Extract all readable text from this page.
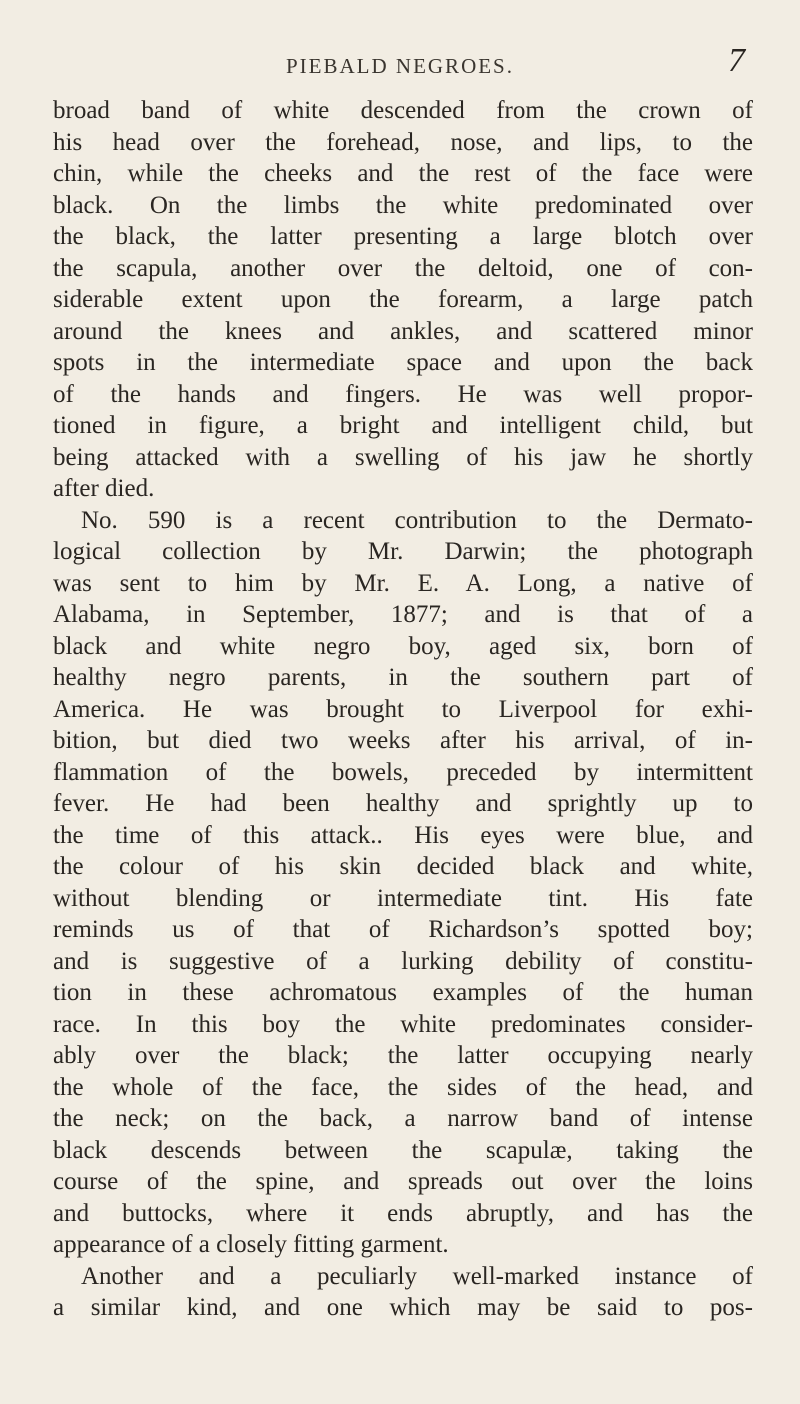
PIEBALD NEGROES.	7
broad band of white descended from the crown of
his head over the forehead, nose, and lips, to the
chin, while the cheeks and the rest of the face were
black. On the limbs the white predominated over
the black, the latter presenting a large blotch over
the scapula, another over the deltoid, one of con-
siderable extent upon the forearm, a large patch
around the knees and ankles, and scattered minor
spots in the intermediate space and upon the back
of the hands and fingers. He was well propor-
tioned in figure, a bright and intelligent child, but
being attacked with a swelling of his jaw he shortly
after died.
No. 590 is a recent contribution to the Dermato-
logical collection by Mr. Darwin; the photograph
was sent to him by Mr. E. A. Long, a native of
Alabama, in September, 1877; and is that of a
black and white negro boy, aged six, born of
healthy negro parents, in the southern part of
America. He was brought to Liverpool for exhi-
bition, but died two weeks after his arrival, of in-
flammation of the bowels, preceded by intermittent
fever. He had been healthy and sprightly up to
the time of this attack.. His eyes were blue, and
the colour of his skin decided black and white,
without blending or intermediate tint. His fate
reminds us of that of Richardson’s spotted boy;
and is suggestive of a lurking debility of constitu-
tion in these achromatous examples of the human
race. In this boy the white predominates consider-
ably over the black; the latter occupying nearly
the whole of the face, the sides of the head, and
the neck; on the back, a narrow band of intense
black descends between the scapulæ, taking the
course of the spine, and spreads out over the loins
and buttocks, where it ends abruptly, and has the
appearance of a closely fitting garment.
Another and a peculiarly well-marked instance of
a similar kind, and one which may be said to pos-
